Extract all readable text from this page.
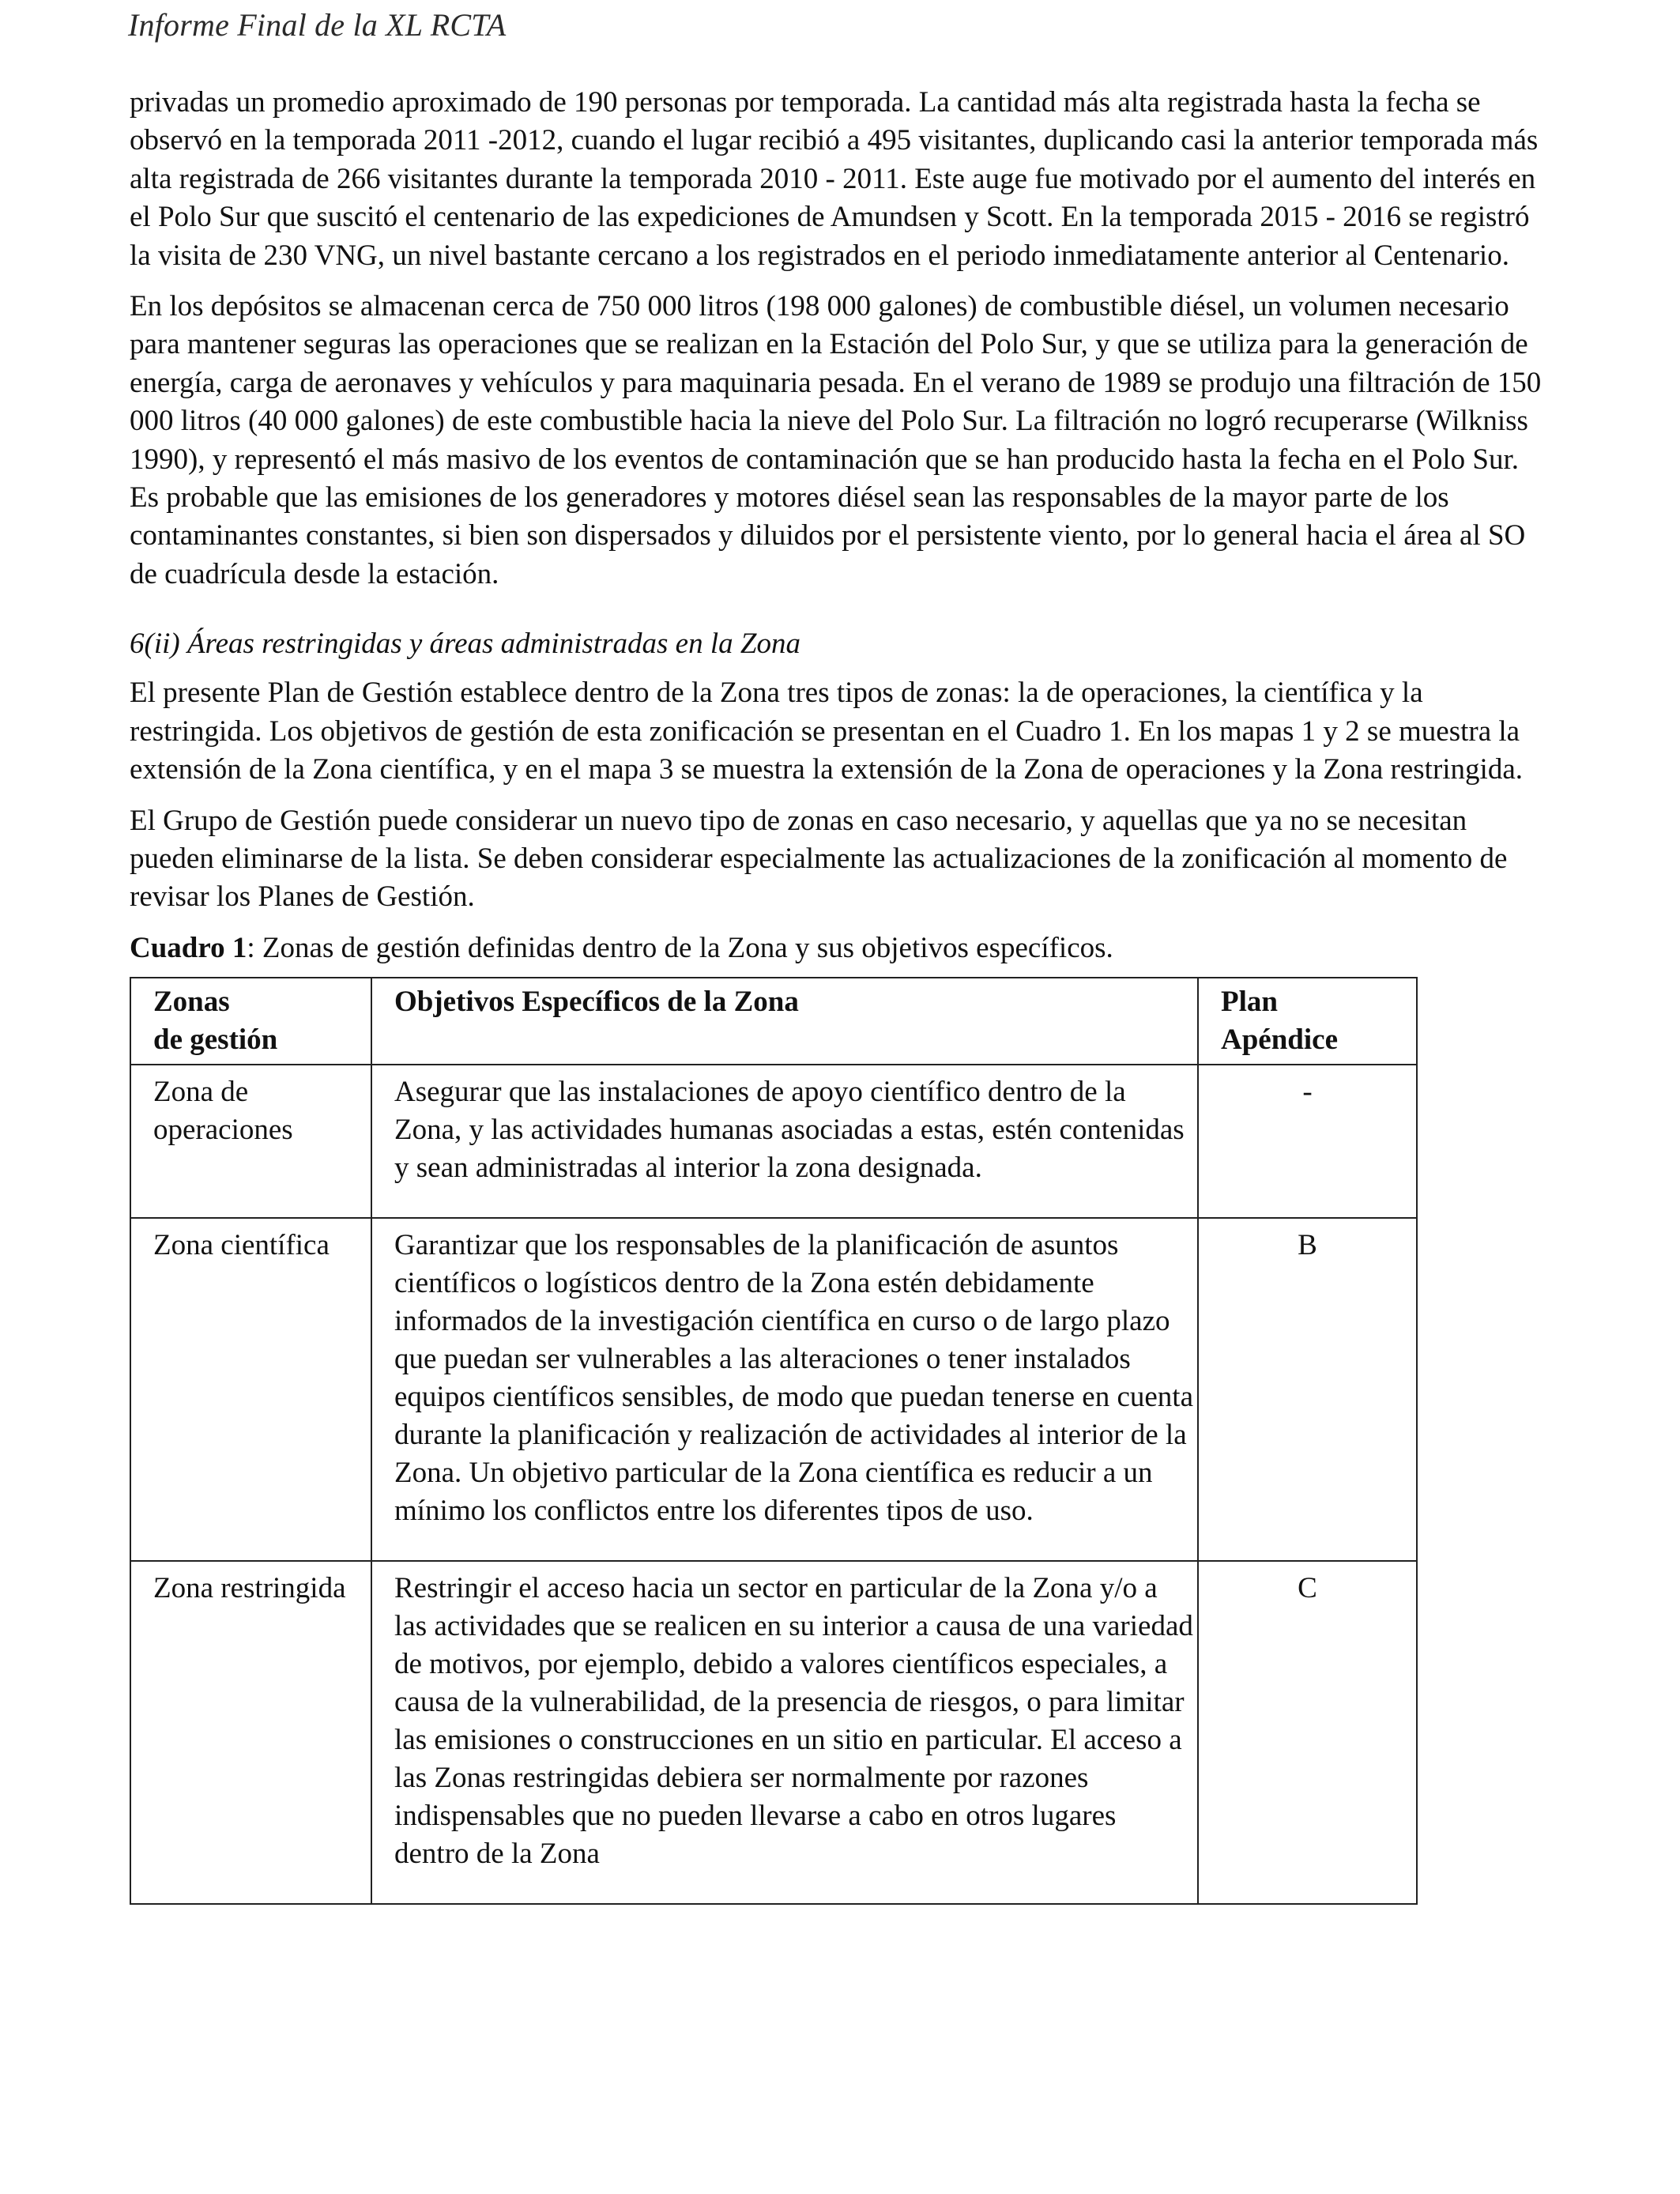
Informe Final de la XL RCTA

privadas un promedio aproximado de 190 personas por temporada. La cantidad más alta registrada hasta la fecha se observó en la temporada 2011 -2012, cuando el lugar recibió a 495 visitantes, duplicando casi la anterior temporada más alta registrada de 266 visitantes durante la temporada 2010 - 2011. Este auge fue motivado por el aumento del interés en el Polo Sur que suscitó el centenario de las expediciones de Amundsen y Scott. En la temporada 2015 - 2016 se registró la visita de 230 VNG, un nivel bastante cercano a los registrados en el periodo inmediatamente anterior al Centenario.

En los depósitos se almacenan cerca de 750 000 litros (198 000 galones) de combustible diésel, un volumen necesario para mantener seguras las operaciones que se realizan en la Estación del Polo Sur, y que se utiliza para la generación de energía, carga de aeronaves y vehículos y para maquinaria pesada. En el verano de 1989 se produjo una filtración de 150 000 litros (40 000 galones) de este combustible hacia la nieve del Polo Sur. La filtración no logró recuperarse (Wilkniss 1990), y representó el más masivo de los eventos de contaminación que se han producido hasta la fecha en el Polo Sur. Es probable que las emisiones de los generadores y motores diésel sean las responsables de la mayor parte de los contaminantes constantes, si bien son dispersados y diluidos por el persistente viento, por lo general hacia el área al SO de cuadrícula desde la estación.

6(ii) Áreas restringidas y áreas administradas en la Zona

El presente Plan de Gestión establece dentro de la Zona tres tipos de zonas: la de operaciones, la científica y la restringida. Los objetivos de gestión de esta zonificación se presentan en el Cuadro 1. En los mapas 1 y 2 se muestra la extensión de la Zona científica, y en el mapa 3 se muestra la extensión de la Zona de operaciones y la Zona restringida.

El Grupo de Gestión puede considerar un nuevo tipo de zonas en caso necesario, y aquellas que ya no se necesitan pueden eliminarse de la lista. Se deben considerar especialmente las actualizaciones de la zonificación al momento de revisar los Planes de Gestión.

Cuadro 1: Zonas de gestión definidas dentro de la Zona y sus objetivos específicos.

Zonas
de gestión	Objetivos Específicos de la Zona	Plan
Apéndice

Zona de
operaciones	Asegurar que las instalaciones de apoyo científico dentro de la Zona, y las actividades humanas asociadas a estas, estén contenidas y sean administradas al interior la zona designada.	-

Zona científica	Garantizar que los responsables de la planificación de asuntos científicos o logísticos dentro de la Zona estén debidamente informados de la investigación científica en curso o de largo plazo que puedan ser vulnerables a las alteraciones o tener instalados equipos científicos sensibles, de modo que puedan tenerse en cuenta durante la planificación y realización de actividades al interior de la Zona. Un objetivo particular de la Zona científica es reducir a un mínimo los conflictos entre los diferentes tipos de uso.	B

Zona restringida	Restringir el acceso hacia un sector en particular de la Zona y/o a las actividades que se realicen en su interior a causa de una variedad de motivos, por ejemplo, debido a valores científicos especiales, a causa de la vulnerabilidad, de la presencia de riesgos, o para limitar las emisiones o construcciones en un sitio en particular. El acceso a las Zonas restringidas debiera ser normalmente por razones indispensables que no pueden llevarse a cabo en otros lugares dentro de la Zona	C
